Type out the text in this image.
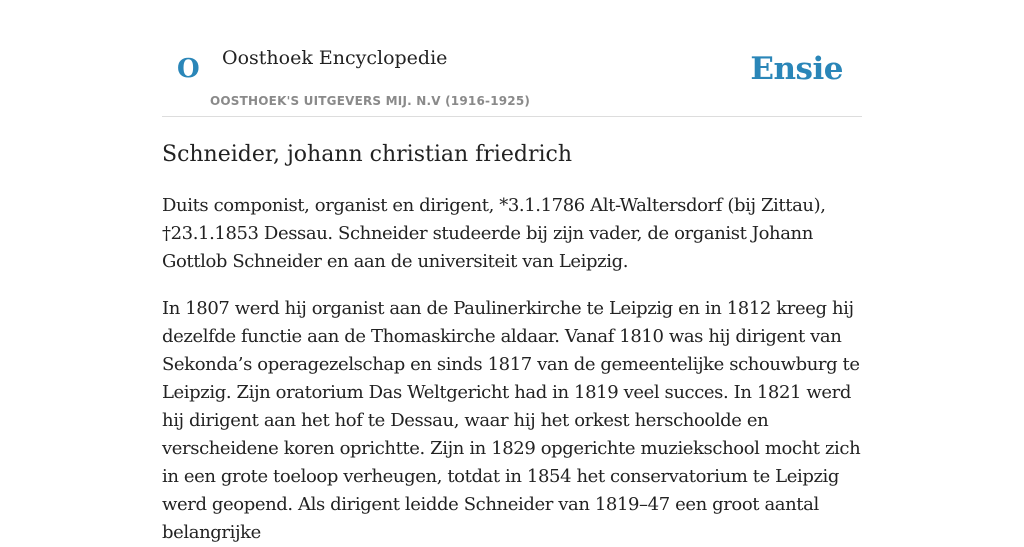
O Oosthoek Encyclopedie
OOSTHOEK'S UITGEVERS MIJ. N.V (1916-1925)
Ensie
Schneider, johann christian friedrich

Duits componist, organist en dirigent, *3.1.1786 Alt-Waltersdorf (bij Zittau), †23.1.1853 Dessau. Schneider studeerde bij zijn vader, de organist Johann Gottlob Schneider en aan de universiteit van Leipzig.

In 1807 werd hij organist aan de Paulinerkirche te Leipzig en in 1812 kreeg hij dezelfde functie aan de Thomaskirche aldaar. Vanaf 1810 was hij dirigent van Sekonda’s operagezelschap en sinds 1817 van de gemeentelijke schouwburg te Leipzig. Zijn oratorium Das Weltgericht had in 1819 veel succes. In 1821 werd hij dirigent aan het hof te Dessau, waar hij het orkest herschoolde en verscheidene koren oprichtte. Zijn in 1829 opgerichte muziekschool mocht zich in een grote toeloop verheugen, totdat in 1854 het conservatorium te Leipzig werd geopend. Als dirigent leidde Schneider van 1819–47 een groot aantal belangrijke
